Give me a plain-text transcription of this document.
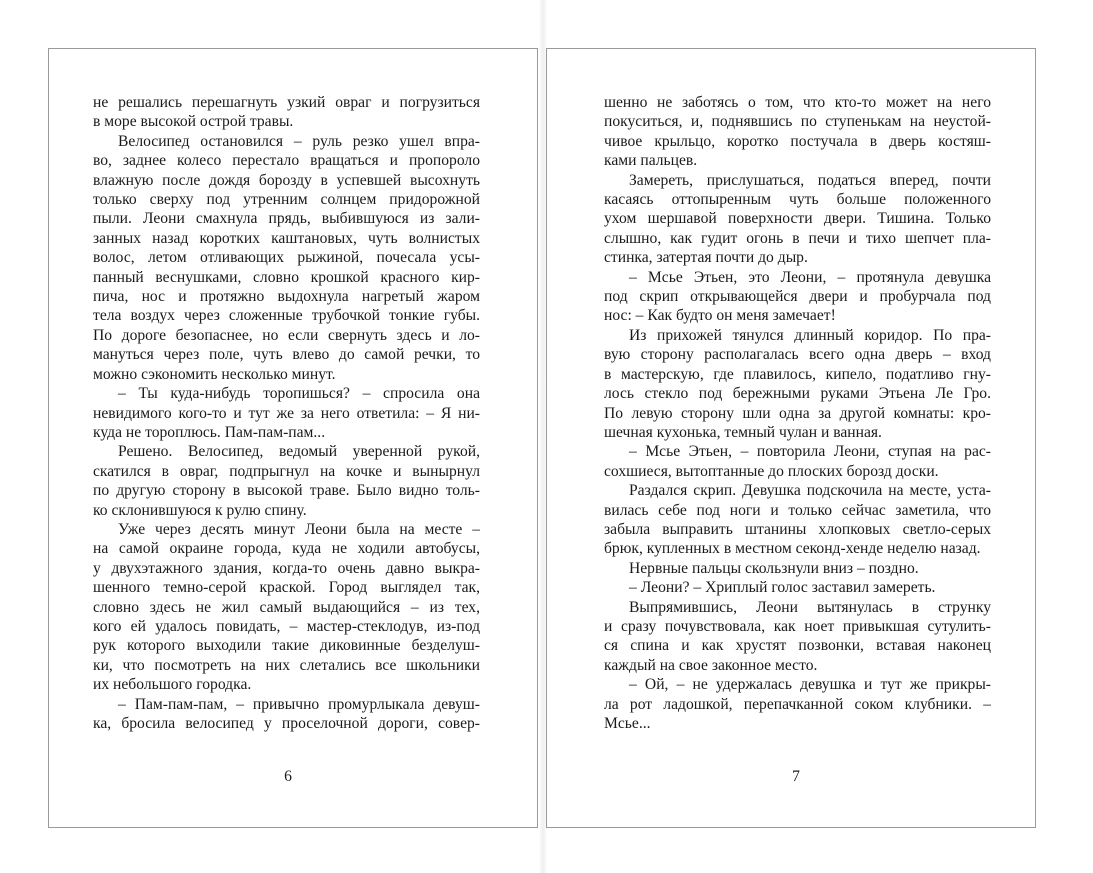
не решались перешагнуть узкий овраг и погрузиться
в море высокой острой травы.
Велосипед остановился – руль резко ушел впра-
во, заднее колесо перестало вращаться и пропороло
влажную после дождя борозду в успевшей высохнуть
только сверху под утренним солнцем придорожной
пыли. Леони смахнула прядь, выбившуюся из зали-
занных назад коротких каштановых, чуть волнистых
волос, летом отливающих рыжиной, почесала усы-
панный веснушками, словно крошкой красного кир-
пича, нос и протяжно выдохнула нагретый жаром
тела воздух через сложенные трубочкой тонкие губы.
По дороге безопаснее, но если свернуть здесь и ло-
мануться через поле, чуть влево до самой речки, то
можно сэкономить несколько минут.
– Ты куда-нибудь торопишься? – спросила она
невидимого кого-то и тут же за него ответила: – Я ни-
куда не тороплюсь. Пам-пам-пам...
Решено. Велосипед, ведомый уверенной рукой,
скатился в овраг, подпрыгнул на кочке и вынырнул
по другую сторону в высокой траве. Было видно толь-
ко склонившуюся к рулю спину.
Уже через десять минут Леони была на месте –
на самой окраине города, куда не ходили автобусы,
у двухэтажного здания, когда-то очень давно выкра-
шенного темно-серой краской. Город выглядел так,
словно здесь не жил самый выдающийся – из тех,
кого ей удалось повидать, – мастер-стеклодув, из-под
рук которого выходили такие диковинные безделуш-
ки, что посмотреть на них слетались все школьники
их небольшого городка.
– Пам-пам-пам, – привычно промурлыкала девуш-
ка, бросила велосипед у проселочной дороги, совер-
6
шенно не заботясь о том, что кто-то может на него
покуситься, и, поднявшись по ступенькам на неустой-
чивое крыльцо, коротко постучала в дверь костяш-
ками пальцев.
Замереть, прислушаться, податься вперед, почти
касаясь оттопыренным чуть больше положенного
ухом шершавой поверхности двери. Тишина. Только
слышно, как гудит огонь в печи и тихо шепчет пла-
стинка, затертая почти до дыр.
– Мсье Этьен, это Леони, – протянула девушка
под скрип открывающейся двери и пробурчала под
нос: – Как будто он меня замечает!
Из прихожей тянулся длинный коридор. По пра-
вую сторону располагалась всего одна дверь – вход
в мастерскую, где плавилось, кипело, податливо гну-
лось стекло под бережными руками Этьена Ле Гро.
По левую сторону шли одна за другой комнаты: кро-
шечная кухонька, темный чулан и ванная.
– Мсье Этьен, – повторила Леони, ступая на рас-
сохшиеся, вытоптанные до плоских борозд доски.
Раздался скрип. Девушка подскочила на месте, уста-
вилась себе под ноги и только сейчас заметила, что
забыла выправить штанины хлопковых светло-серых
брюк, купленных в местном секонд-хенде неделю назад.
Нервные пальцы скользнули вниз – поздно.
– Леони? – Хриплый голос заставил замереть.
Выпрямившись, Леони вытянулась в струнку
и сразу почувствовала, как ноет привыкшая сутулить-
ся спина и как хрустят позвонки, вставая наконец
каждый на свое законное место.
– Ой, – не удержалась девушка и тут же прикры-
ла рот ладошкой, перепачканной соком клубники. –
Мсье...
7
